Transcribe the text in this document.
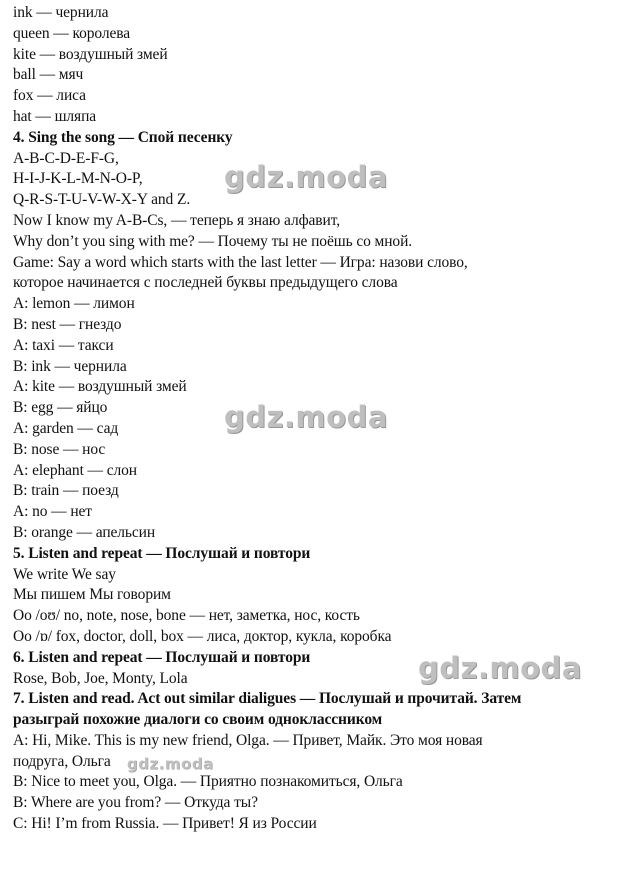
ink — чернила
queen — королева
kite — воздушный змей
ball — мяч
fox — лиса
hat — шляпа
4. Sing the song — Спой песенку
A-B-C-D-E-F-G,
H-I-J-K-L-M-N-O-P,
Q-R-S-T-U-V-W-X-Y and Z.
Now I know my A-B-Cs, — теперь я знаю алфавит,
Why don’t you sing with me? — Почему ты не поёшь со мной.
Game: Say a word which starts with the last letter — Игра: назови слово,
которое начинается с последней буквы предыдущего слова
A: lemon — лимон
B: nest — гнездо
A: taxi — такси
B: ink — чернила
A: kite — воздушный змей
B: egg — яйцо
A: garden — сад
B: nose — нос
A: elephant — слон
B: train — поезд
A: no — нет
B: orange — апельсин
5. Listen and repeat — Послушай и повтори
We write We say
Мы пишем Мы говорим
Oo /oʊ/ no, note, nose, bone — нет, заметка, нос, кость
Oo /ɒ/ fox, doctor, doll, box — лиса, доктор, кукла, коробка
6. Listen and repeat — Послушай и повтори
Rose, Bob, Joe, Monty, Lola
7. Listen and read. Act out similar dialigues — Послушай и прочитай. Затем
разыграй похожие диалоги со своим одноклассником
A: Hi, Mike. This is my new friend, Olga. — Привет, Майк. Это моя новая
подруга, Ольга
B: Nice to meet you, Olga. — Приятно познакомиться, Ольга
B: Where are you from? — Откуда ты?
C: Hi! I’m from Russia. — Привет! Я из России
gdz.moda
gdz.moda
gdz.moda
gdz.moda
